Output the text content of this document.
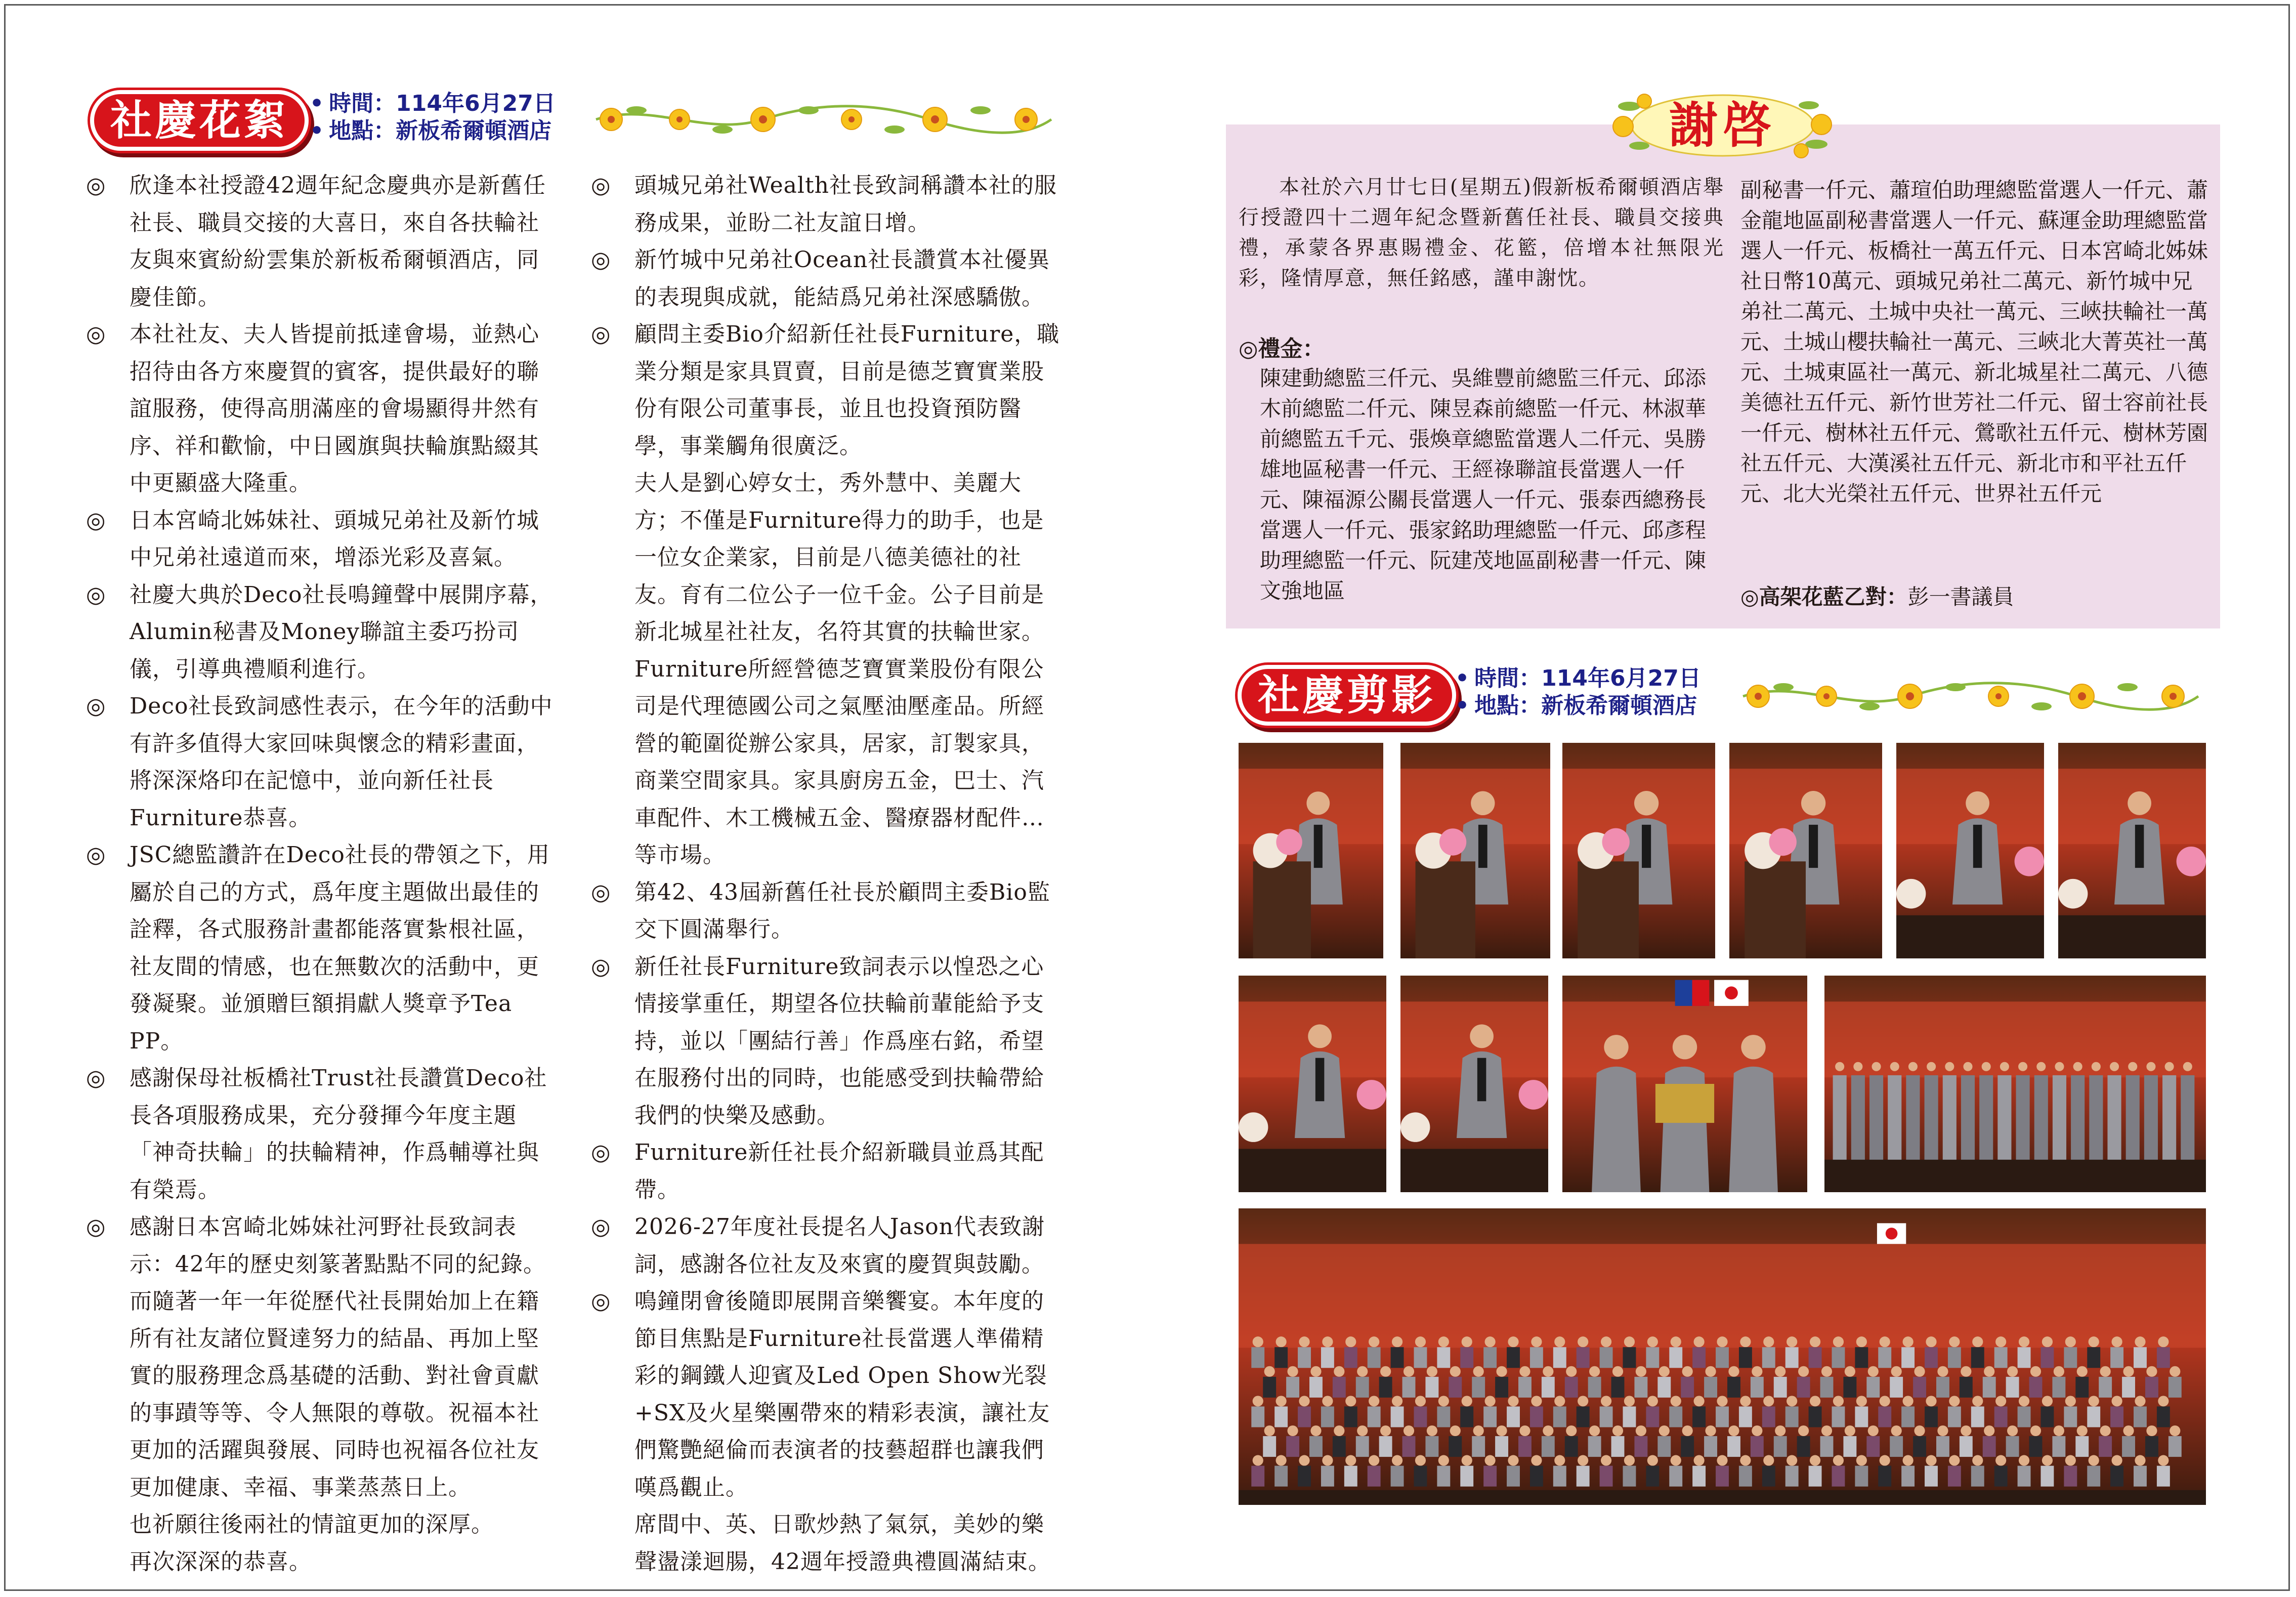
社慶花絮 • 時間：114年6月27日
• 地點：新板希爾頓酒店

◎ 欣逢本社授證42週年紀念慶典亦是新舊任社長、職員交接的大喜日，來自各扶輪社友與來賓紛紛雲集於新板希爾頓酒店，同慶佳節。

◎ 本社社友、夫人皆提前抵達會場，並熱心招待由各方來慶賀的賓客，提供最好的聯誼服務，使得高朋滿座的會場顯得井然有序、祥和歡愉，中日國旗與扶輪旗點綴其中更顯盛大隆重。

◎ 日本宮崎北姊妹社、頭城兄弟社及新竹城中兄弟社遠道而來，增添光彩及喜氣。

◎ 社慶大典於Deco社長鳴鐘聲中展開序幕，Alumin秘書及Money聯誼主委巧扮司儀，引導典禮順利進行。

◎ Deco社長致詞感性表示，在今年的活動中有許多值得大家回味與懷念的精彩畫面，將深深烙印在記憶中，並向新任社長Furniture恭喜。

◎ JSC總監讚許在Deco社長的帶領之下，用屬於自己的方式，爲年度主題做出最佳的詮釋，各式服務計畫都能落實紮根社區，社友間的情感，也在無數次的活動中，更發凝聚。並頒贈巨額捐獻人獎章予Tea PP。

◎ 感謝保母社板橋社Trust社長讚賞Deco社長各項服務成果，充分發揮今年度主題「神奇扶輪」的扶輪精神，作爲輔導社與有榮焉。

◎ 感謝日本宮崎北姊妹社河野社長致詞表示：42年的歷史刻篆著點點不同的紀錄。而隨著一年一年從歷代社長開始加上在籍所有社友諸位賢達努力的結晶、再加上堅實的服務理念爲基礎的活動、對社會貢獻的事蹟等等、令人無限的尊敬。祝福本社更加的活躍與發展、同時也祝福各位社友更加健康、幸福、事業蒸蒸日上。

也祈願往後兩社的情誼更加的深厚。

再次深深的恭喜。

◎ 頭城兄弟社Wealth社長致詞稱讚本社的服務成果，並盼二社友誼日增。

◎ 新竹城中兄弟社Ocean社長讚賞本社優異的表現與成就，能結爲兄弟社深感驕傲。

◎ 顧問主委Bio介紹新任社長Furniture，職業分類是家具買賣，目前是德芝寶實業股份有限公司董事長，並且也投資預防醫學，事業觸角很廣泛。

夫人是劉心婷女士，秀外慧中、美麗大方；不僅是Furniture得力的助手，也是一位女企業家，目前是八德美德社的社友。育有二位公子一位千金。公子目前是新北城星社社友，名符其實的扶輪世家。

Furniture所經營德芝寶實業股份有限公司是代理德國公司之氣壓油壓產品。所經營的範圍從辦公家具，居家，訂製家具，商業空間家具。家具廚房五金，巴士、汽車配件、木工機械五金、醫療器材配件…等市場。

◎ 第42、43屆新舊任社長於顧問主委Bio監交下圓滿舉行。

◎ 新任社長Furniture致詞表示以惶恐之心情接掌重任，期望各位扶輪前輩能給予支持，並以「團結行善」作爲座右銘，希望在服務付出的同時，也能感受到扶輪帶給我們的快樂及感動。

◎ Furniture新任社長介紹新職員並爲其配帶。

◎ 2026-27年度社長提名人Jason代表致謝詞，感謝各位社友及來賓的慶賀與鼓勵。

◎ 鳴鐘閉會後隨即展開音樂饗宴。本年度的節目焦點是Furniture社長當選人準備精彩的鋼鐵人迎賓及Led Open Show光裂+SX及火星樂團帶來的精彩表演，讓社友們驚艷絕倫而表演者的技藝超群也讓我們嘆爲觀止。

席間中、英、日歌炒熱了氣氛，美妙的樂聲盪漾迴腸，42週年授證典禮圓滿結束。

謝啓

本社於六月廿七日(星期五)假新板希爾頓酒店舉行授證四十二週年紀念暨新舊任社長、職員交接典禮，承蒙各界惠賜禮金、花籃，倍增本社無限光彩，隆情厚意，無任銘感，謹申謝忱。

◎禮金：
陳建動總監三仟元、吳維豐前總監三仟元、邱添木前總監二仟元、陳昱森前總監一仟元、林淑華前總監五千元、張煥章總監當選人二仟元、吳勝雄地區秘書一仟元、王經祿聯誼長當選人一仟元、陳福源公關長當選人一仟元、張泰西總務長當選人一仟元、張家銘助理總監一仟元、邱彥程助理總監一仟元、阮建茂地區副秘書一仟元、陳文強地區
副秘書一仟元、蕭瑄伯助理總監當選人一仟元、蕭金龍地區副秘書當選人一仟元、蘇運金助理總監當選人一仟元、板橋社一萬五仟元、日本宮崎北姊妹社日幣10萬元、頭城兄弟社二萬元、新竹城中兄弟社二萬元、土城中央社一萬元、三峽扶輪社一萬元、土城山櫻扶輪社一萬元、三峽北大菁英社一萬元、土城東區社一萬元、新北城星社二萬元、八德美德社五仟元、新竹世芳社二仟元、留士容前社長一仟元、樹林社五仟元、鶯歌社五仟元、樹林芳園社五仟元、大漢溪社五仟元、新北市和平社五仟元、北大光榮社五仟元、世界社五仟元
◎高架花藍乙對：彭一書議員
社慶剪影 • 時間：114年6月27日
• 地點：新板希爾頓酒店
